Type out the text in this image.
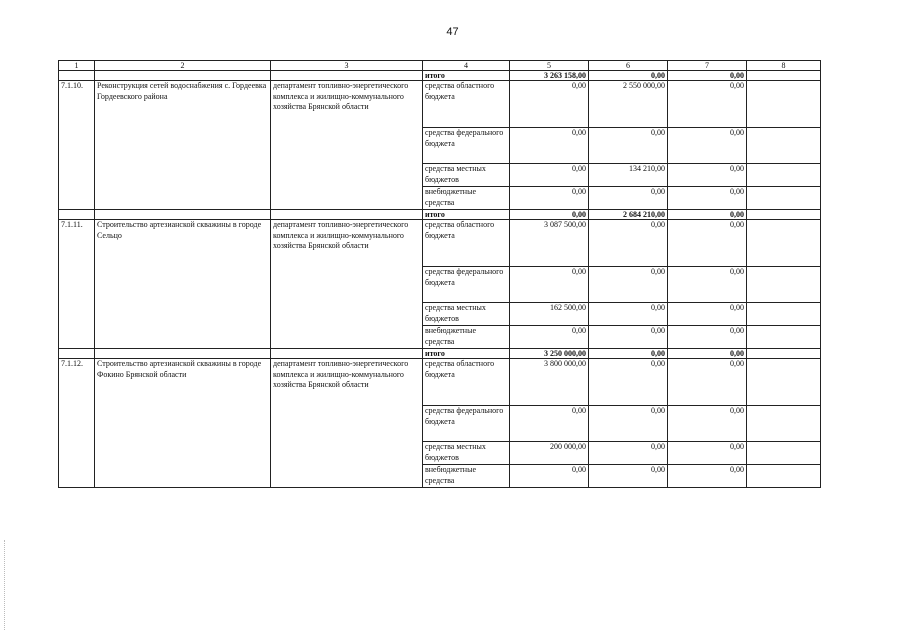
47
1	2	3	4	5	6	7	8
			итого	3 263 158,00	0,00	0,00	
7.1.10.	Реконструкция сетей водоснабжения с. Гордеевка Гордеевского района	департамент топливно-энергетического комплекса и жилищно-коммунального хозяйства Брянской области	средства областного бюджета	0,00	2 550 000,00	0,00	
			средства федерального бюджета	0,00	0,00	0,00	
			средства местных бюджетов	0,00	134 210,00	0,00	
			внебюджетные средства	0,00	0,00	0,00	
			итого	0,00	2 684 210,00	0,00	
7.1.11.	Строительство артезианской скважины в городе Сельцо	департамент топливно-энергетического комплекса и жилищно-коммунального хозяйства Брянской области	средства областного бюджета	3 087 500,00	0,00	0,00	
			средства федерального бюджета	0,00	0,00	0,00	
			средства местных бюджетов	162 500,00	0,00	0,00	
			внебюджетные средства	0,00	0,00	0,00	
			итого	3 250 000,00	0,00	0,00	
7.1.12.	Строительство артезианской скважины в городе Фокино Брянской области	департамент топливно-энергетического комплекса и жилищно-коммунального хозяйства Брянской области	средства областного бюджета	3 800 000,00	0,00	0,00	
			средства федерального бюджета	0,00	0,00	0,00	
			средства местных бюджетов	200 000,00	0,00	0,00	
			внебюджетные средства	0,00	0,00	0,00	
